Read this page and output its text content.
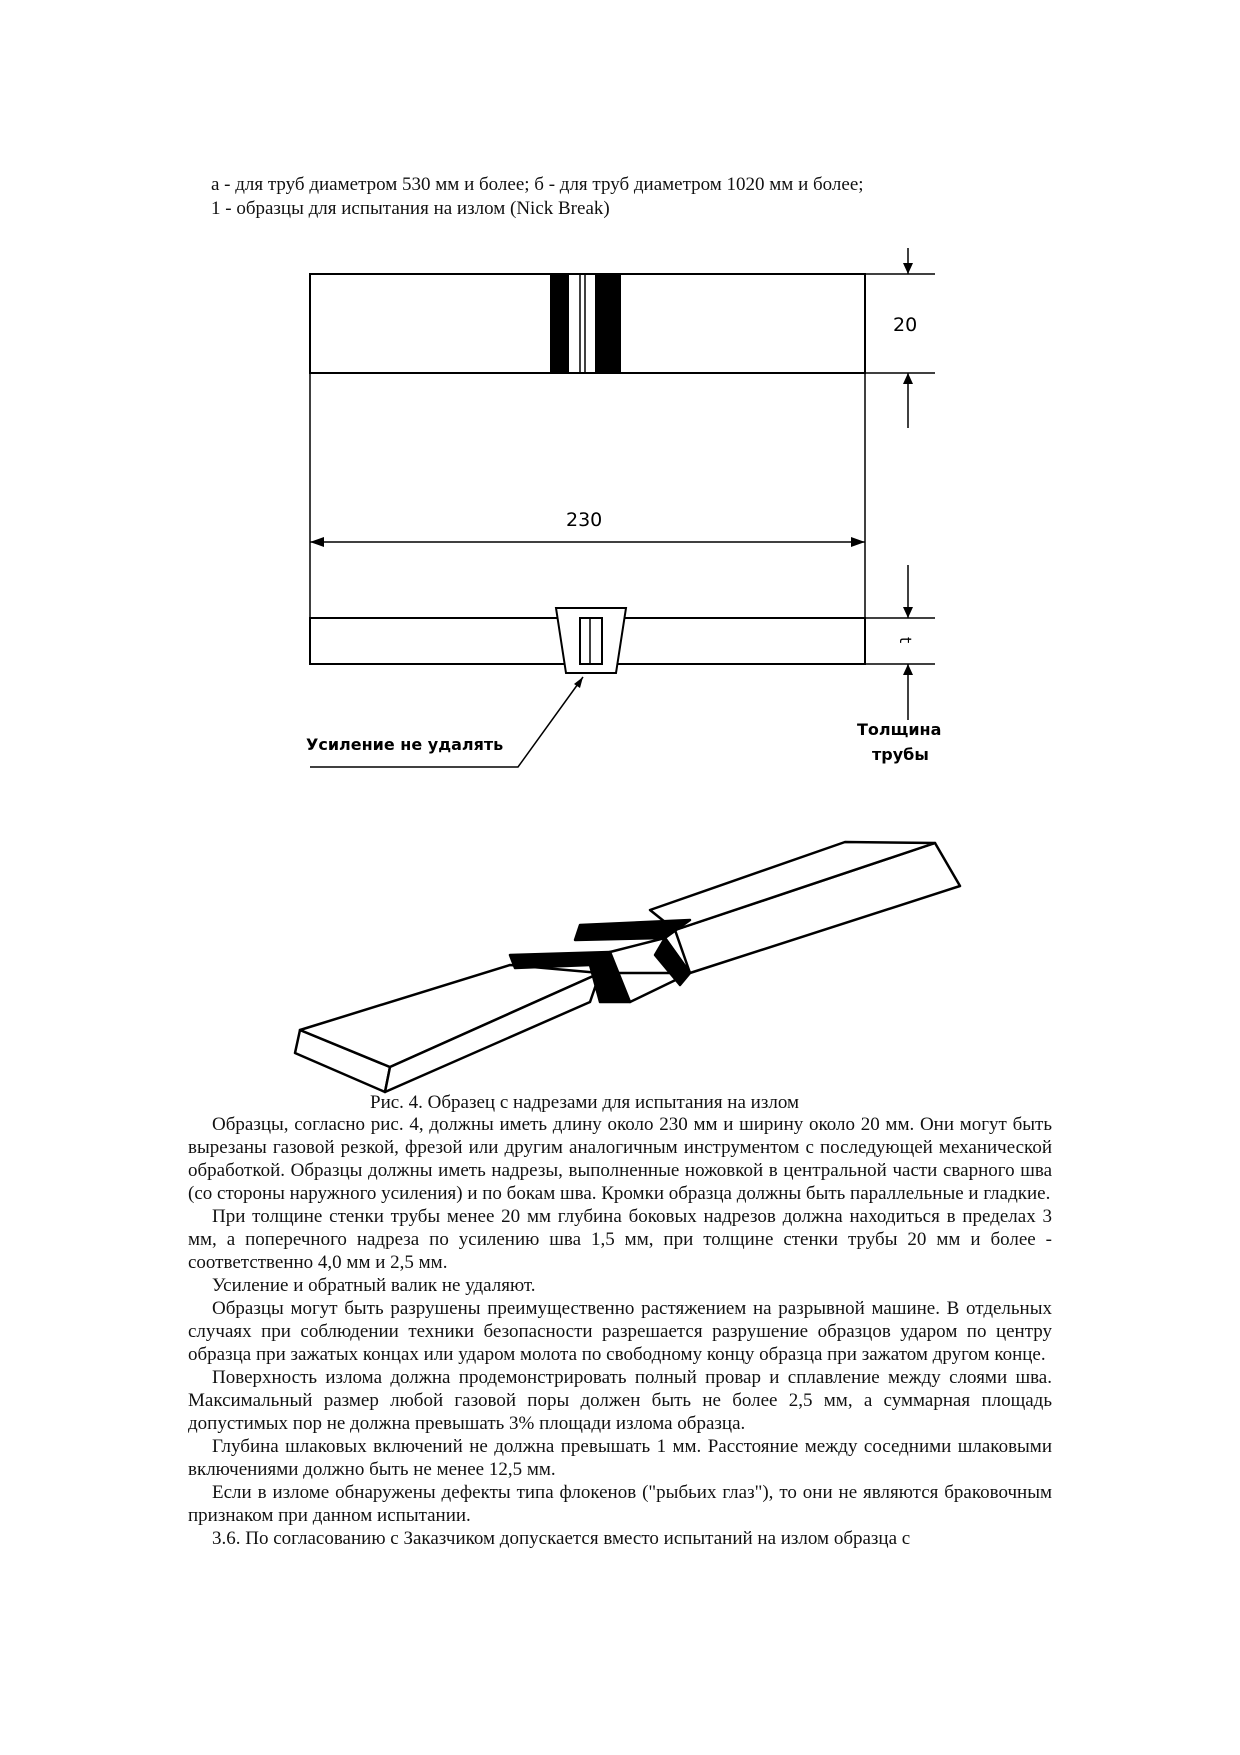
а - для труб диаметром 530 мм и более; б - для труб диаметром 1020 мм и более;
1 - образцы для испытания на излом (Nick Break)
20
230
t
Усиление не удалять
Толщина
трубы
Рис. 4. Образец с надрезами для испытания на излом

Образцы, согласно рис. 4, должны иметь длину около 230 мм и ширину около 20 мм. Они могут быть вырезаны газовой резкой, фрезой или другим аналогичным инструментом с последующей механической обработкой. Образцы должны иметь надрезы, выполненные ножовкой в центральной части сварного шва (со стороны наружного усиления) и по бокам шва. Кромки образца должны быть параллельные и гладкие.

При толщине стенки трубы менее 20 мм глубина боковых надрезов должна находиться в пределах 3 мм, а поперечного надреза по усилению шва 1,5 мм, при толщине стенки трубы 20 мм и более - соответственно 4,0 мм и 2,5 мм.

Усиление и обратный валик не удаляют.

Образцы могут быть разрушены преимущественно растяжением на разрывной машине. В отдельных случаях при соблюдении техники безопасности разрешается разрушение образцов ударом по центру образца при зажатых концах или ударом молота по свободному концу образца при зажатом другом конце.

Поверхность излома должна продемонстрировать полный провар и сплавление между слоями шва. Максимальный размер любой газовой поры должен быть не более 2,5 мм, а суммарная площадь допустимых пор не должна превышать 3% площади излома образца.

Глубина шлаковых включений не должна превышать 1 мм. Расстояние между соседними шлаковыми включениями должно быть не менее 12,5 мм.

Если в изломе обнаружены дефекты типа флокенов ("рыбьих глаз"), то они не являются браковочным признаком при данном испытании.

3.6. По согласованию с Заказчиком допускается вместо испытаний на излом образца с
